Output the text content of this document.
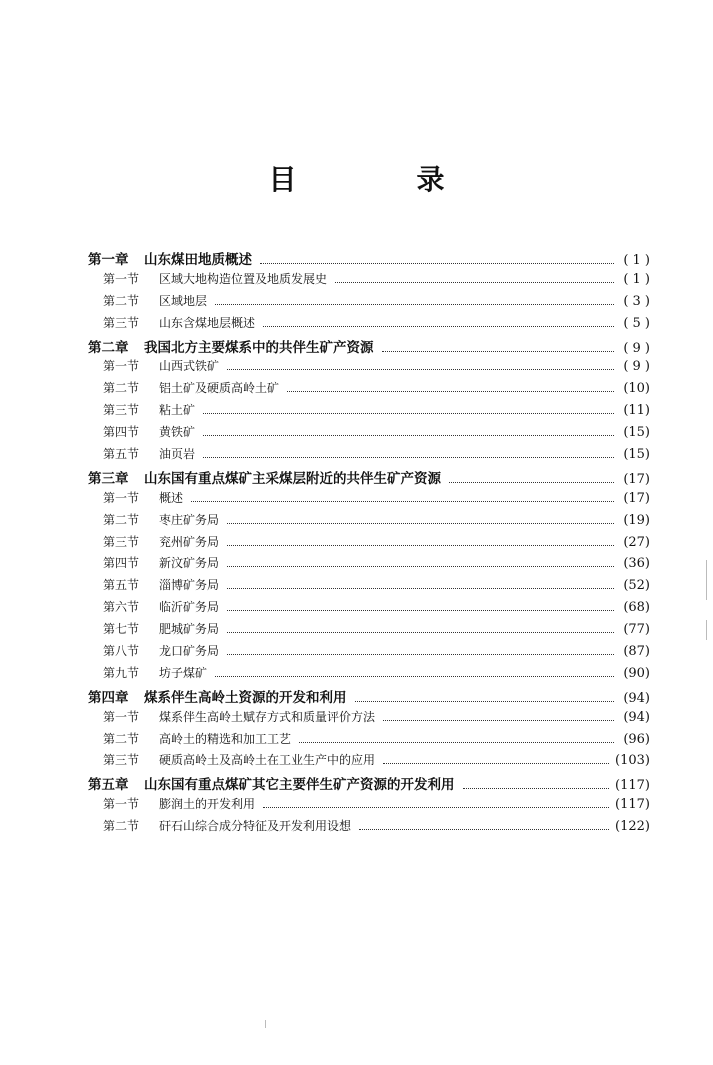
目　录
第一章	山东煤田地质概述	( 1 )
第一节	区域大地构造位置及地质发展史	( 1 )
第二节	区域地层	( 3 )
第三节	山东含煤地层概述	( 5 )
第二章	我国北方主要煤系中的共伴生矿产资源	( 9 )
第一节	山西式铁矿	( 9 )
第二节	铝土矿及硬质高岭土矿	(10)
第三节	粘土矿	(11)
第四节	黄铁矿	(15)
第五节	油页岩	(15)
第三章	山东国有重点煤矿主采煤层附近的共伴生矿产资源	(17)
第一节	概述	(17)
第二节	枣庄矿务局	(19)
第三节	兖州矿务局	(27)
第四节	新汶矿务局	(36)
第五节	淄博矿务局	(52)
第六节	临沂矿务局	(68)
第七节	肥城矿务局	(77)
第八节	龙口矿务局	(87)
第九节	坊子煤矿	(90)
第四章	煤系伴生高岭土资源的开发和利用	(94)
第一节	煤系伴生高岭土赋存方式和质量评价方法	(94)
第二节	高岭土的精选和加工工艺	(96)
第三节	硬质高岭土及高岭土在工业生产中的应用	(103)
第五章	山东国有重点煤矿其它主要伴生矿产资源的开发利用	(117)
第一节	膨润土的开发利用	(117)
第二节	矸石山综合成分特征及开发利用设想	(122)
